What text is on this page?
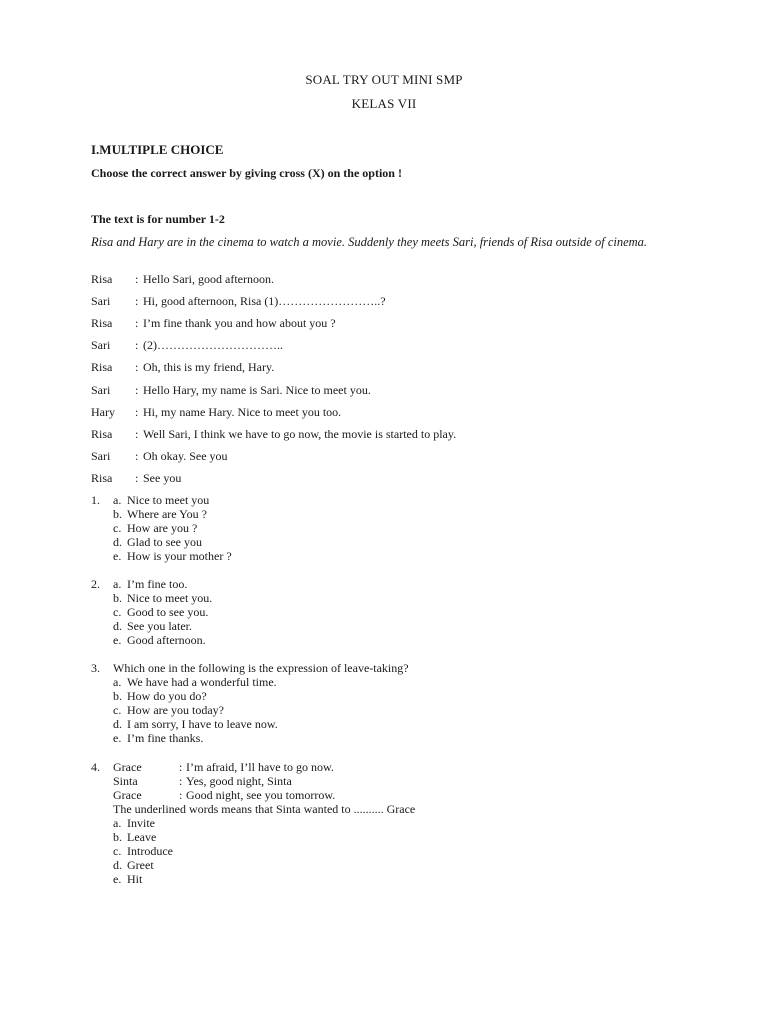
SOAL TRY OUT MINI SMP
KELAS VII
I.MULTIPLE CHOICE
Choose the correct answer by giving cross (X) on the option !
The text is for number 1-2
Risa and Hary are in the cinema to watch a movie. Suddenly they meets Sari, friends of Risa outside of cinema.
Risa : Hello Sari, good afternoon.
Sari : Hi, good afternoon, Risa (1)……………………..?
Risa : I’m fine thank you and how about you ?
Sari : (2)…………………………..
Risa : Oh, this is my friend, Hary.
Sari : Hello Hary, my name is Sari. Nice to meet you.
Hary : Hi, my name Hary. Nice to meet you too.
Risa : Well Sari, I think we have to go now, the movie is started to play.
Sari : Oh okay. See you
Risa : See you
1. a. Nice to meet you
b. Where are You ?
c. How are you ?
d. Glad to see you
e. How is your mother ?
2. a. I’m fine too.
b. Nice to meet you.
c. Good to see you.
d. See you later.
e. Good afternoon.
3. Which one in the following is the expression of leave-taking?
a. We have had a wonderful time.
b. How do you do?
c. How are you today?
d. I am sorry, I have to leave now.
e. I’m fine thanks.
4. Grace	: I’m afraid, I’ll have to go now.
Sinta	: Yes, good night, Sinta
Grace	: Good night, see you tomorrow.
The underlined words means that Sinta wanted to .......... Grace
a. Invite
b. Leave
c. Introduce
d. Greet
e. Hit
